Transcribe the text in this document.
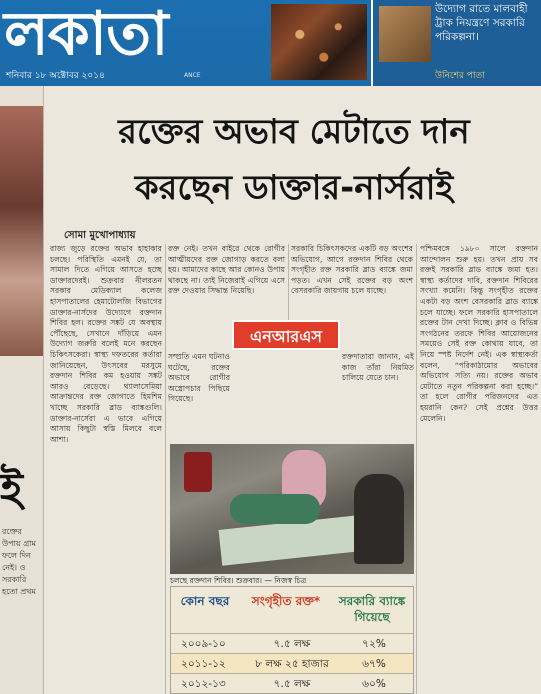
লকাতা
শনিবার ১৮ অক্টোবর ২০১৪	ANCE
উদ্যোগ রাতে মালবাহী ট্রাক নিয়ন্ত্রণে সরকারি পরিকল্পনা।
উনিশের পাতা
ই
রক্তের উপায় গ্রাম ফলে দিন নেই। ও সরকারি হতো প্রথম
রক্তের অভাব মেটাতে দান
করছেন ডাক্তার-নার্সরাই
সোমা মুখোপাধ্যায়
রাজ্য জুড়ে রক্তের অভাব হাহাকার চলছে। পরিস্থিতি এমনই যে, তা সামাল দিতে এগিয়ে আসতে হচ্ছে ডাক্তারদেরই। শুক্রবার নীলরতন সরকার মেডিক্যাল কলেজ হাসপাতালের হেমাটোলজি বিভাগের ডাক্তার-নার্সদের উদ্যোগে রক্তদান শিবির হল। রক্তের সঙ্কট যে অবস্থায় পৌঁছেছে, সেখানে দাঁড়িয়ে এমন উদ্যোগ জরুরি বলেই মনে করছেন চিকিৎসকেরা। স্বাস্থ্য দফতরের কর্তারা জানিয়েছেন, উৎসবের মরসুমে রক্তদান শিবির কম হওয়ায় সঙ্কট আরও বেড়েছে। থ্যালাসেমিয়া আক্রান্তদের রক্ত জোগাতে হিমশিম খাচ্ছে সরকারি ব্লাড ব্যাঙ্কগুলি। ডাক্তার-নার্সেরা এ ভাবে এগিয়ে আসায় কিছুটা স্বস্তি মিলবে বলে আশা।
রক্ত নেই। তখন বাইরে থেকে রোগীর আত্মীয়দের রক্ত জোগাড় করতে বলা হয়। আমাদের কাছে আর কোনও উপায় থাকছে না। তাই নিজেরাই এগিয়ে এসে রক্ত দেওয়ার সিদ্ধান্ত নিয়েছি।
সরকারি চিকিৎসকদের একটি বড় অংশের অভিযোগ, আগে রক্তদান শিবির থেকে সংগৃহীত রক্ত সরকারি ব্লাড ব্যাঙ্কে জমা পড়ত। এখন সেই রক্তের বড় অংশ বেসরকারি জায়গায় চলে যাচ্ছে।
সম্প্রতি এমন ঘটনাও ঘটেছে, রক্তের অভাবে রোগীর অস্ত্রোপচার পিছিয়ে গিয়েছে।
রক্তদাতারা জানান, এই কাজ তাঁরা নিয়মিত চালিয়ে যেতে চান।
পশ্চিমবঙ্গে ১৯৮০ সালে রক্তদান আন্দোলন শুরু হয়। তখন প্রায় সব রক্তই সরকারি ব্লাড ব্যাঙ্কে জমা হত। স্বাস্থ্য কর্তাদের দাবি, রক্তদান শিবিরের সংখ্যা কমেনি। কিন্তু সংগৃহীত রক্তের একটা বড় অংশ বেসরকারি ব্লাড ব্যাঙ্কে চলে যাচ্ছে। ফলে সরকারি হাসপাতালে রক্তের টান দেখা দিচ্ছে। ক্লাব ও বিভিন্ন সংগঠনের তরফে শিবির আয়োজনের সময়েও সেই রক্ত কোথায় যাবে, তা নিয়ে স্পষ্ট নির্দেশ নেই। এক স্বাস্থ্যকর্তা বলেন, “পরিকাঠামোর অভাবের অভিযোগ সত্যি নয়। রক্তের অভাব মেটাতে নতুন পরিকল্পনা করা হচ্ছে।” তা হলে রোগীর পরিজনদের এত হয়রানি কেন? সেই প্রশ্নের উত্তর মেলেনি।
এনআরএস
চলছে রক্তদান শিবির। শুক্রবার। — নিজস্ব চিত্র
কোন বছর	সংগৃহীত রক্ত*	সরকারি ব্যাঙ্কে গিয়েছে
২০০৯-১০	৭.৫ লক্ষ	৭২%
২০১১-১২	৮ লক্ষ ২৫ হাজার	৬৭%
২০১২-১৩	৭.৫ লক্ষ	৬০%
